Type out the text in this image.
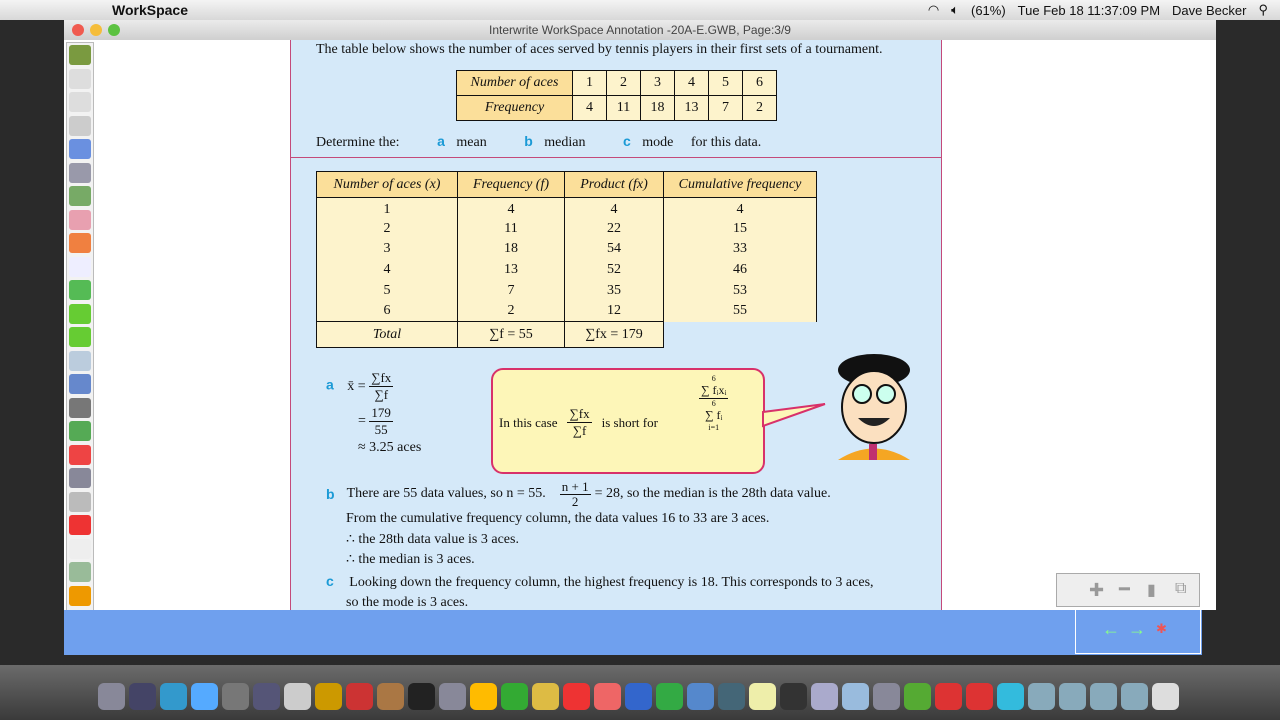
WorkSpace	◠ 🔈︎ (61%) Tue Feb 18 11:37:09 PM Dave Becker ⚲
Interwrite WorkSpace Annotation -20A-E.GWB, Page:3/9
The table below shows the number of aces served by tennis players in their first sets of a tournament.
Number of aces	1	2	3	4	5	6
Frequency	4	11	18	13	7	2
Determine the:	a mean	b median	c mode for this data.
Number of aces (x)	Frequency (f)	Product (fx)	Cumulative frequency
1	4	4	4
2	11	22	15
3	18	54	33
4	13	52	46
5	7	35	53
6	2	12	55
Total	∑f = 55	∑fx = 179	
a x̄ = $\frac{\sum fx}{\sum f}$
= $\frac{179}{55}$
≈ 3.25 aces
In this case $\frac{\sum fx}{\sum f}$ is short for
6
∑ fᵢxᵢ
6
∑ fᵢ
i=1
b There are 55 data values, so n = 55. $\frac{n + 1}{2} = 28$, so the median is the 28th data value.
From the cumulative frequency column, the data values 16 to 33 are 3 aces.
∴ the 28th data value is 3 aces.
∴ the median is 3 aces.
c Looking down the frequency column, the highest frequency is 18. This corresponds to 3 aces,
so the mode is 3 aces.
✚ ━ ▮ ⧉
← → ✱
